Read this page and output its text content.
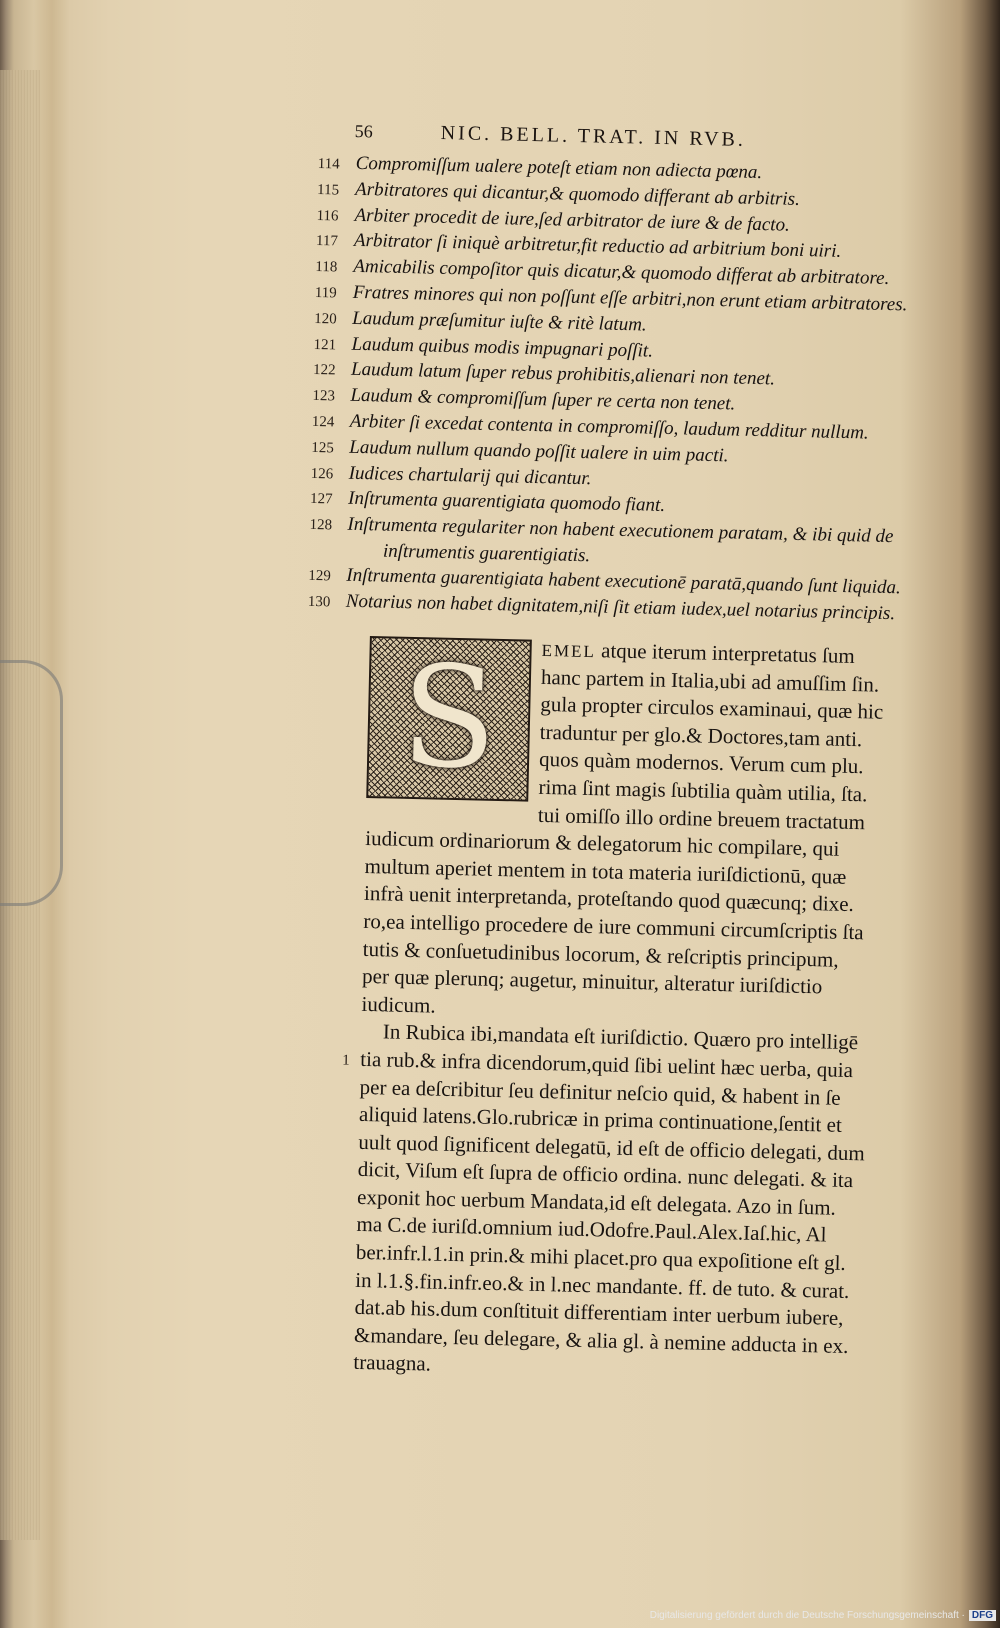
56	NIC. BELL. TRAT. IN RVB.
114 Compromiſſum ualere poteſt etiam non adiecta pœna.
115 Arbitratores qui dicantur,& quomodo differant ab arbitris.
116 Arbiter procedit de iure,ſed arbitrator de iure & de facto.
117 Arbitrator ſi iniquè arbitretur,fit reductio ad arbitrium boni uiri.
118 Amicabilis compoſitor quis dicatur,& quomodo differat ab arbitratore.
119 Fratres minores qui non poſſunt eſſe arbitri,non erunt etiam arbitratores.
120 Laudum præſumitur iuſte & ritè latum.
121 Laudum quibus modis impugnari poſſit.
122 Laudum latum ſuper rebus prohibitis,alienari non tenet.
123 Laudum & compromiſſum ſuper re certa non tenet.
124 Arbiter ſi excedat contenta in compromiſſo, laudum redditur nullum.
125 Laudum nullum quando poſſit ualere in uim pacti.
126 Iudices chartularij qui dicantur.
127 Inſtrumenta guarentigiata quomodo fiant.
128 Inſtrumenta regulariter non habent executionem paratam, & ibi quid de
inſtrumentis guarentigiatis.
129 Inſtrumenta guarentigiata habent executionē paratā,quando ſunt liquida.
130 Notarius non habet dignitatem,niſi ſit etiam iudex,uel notarius principis.
S	EMEL atque iterum interpretatus ſum
hanc partem in Italia,ubi ad amuſſim ſin.
gula propter circulos examinaui, quæ hic
traduntur per glo.& Doctores,tam anti.
quos quàm modernos. Verum cum plu.
rima ſint magis ſubtilia quàm utilia, ſta.
tui omiſſo illo ordine breuem tractatum
iudicum ordinariorum & delegatorum hic compilare, qui
multum aperiet mentem in tota materia iuriſdictionū, quæ
infrà uenit interpretanda, proteſtando quod quæcunq; dixe.
ro,ea intelligo procedere de iure communi circumſcriptis ſta
tutis & conſuetudinibus locorum, & reſcriptis principum,
per quæ plerunq; augetur, minuitur, alteratur iuriſdictio
iudicum.
In Rubica ibi,mandata eſt iuriſdictio. Quæro pro intelligē
tia rub.& infra dicendorum,quid ſibi uelint hæc uerba, quia
per ea deſcribitur ſeu definitur neſcio quid, & habent in ſe
aliquid latens.Glo.rubricæ in prima continuatione,ſentit et
uult quod ſignificent delegatū, id eſt de officio delegati, dum
dicit, Viſum eſt ſupra de officio ordina. nunc delegati. & ita
exponit hoc uerbum Mandata,id eſt delegata. Azo in ſum.
ma C.de iuriſd.omnium iud.Odofre.Paul.Alex.Iaſ.hic, Al
ber.infr.l.1.in prin.& mihi placet.pro qua expoſitione eſt gl.
in l.1.§.fin.infr.eo.& in l.nec mandante. ff. de tuto. & curat.
dat.ab his.dum conſtituit differentiam inter uerbum iubere,
&mandare, ſeu delegare, & alia gl. à nemine adducta in ex.
trauagna.
1
Digitalisierung gefördert durch die Deutsche Forschungsgemeinschaft · DFG
